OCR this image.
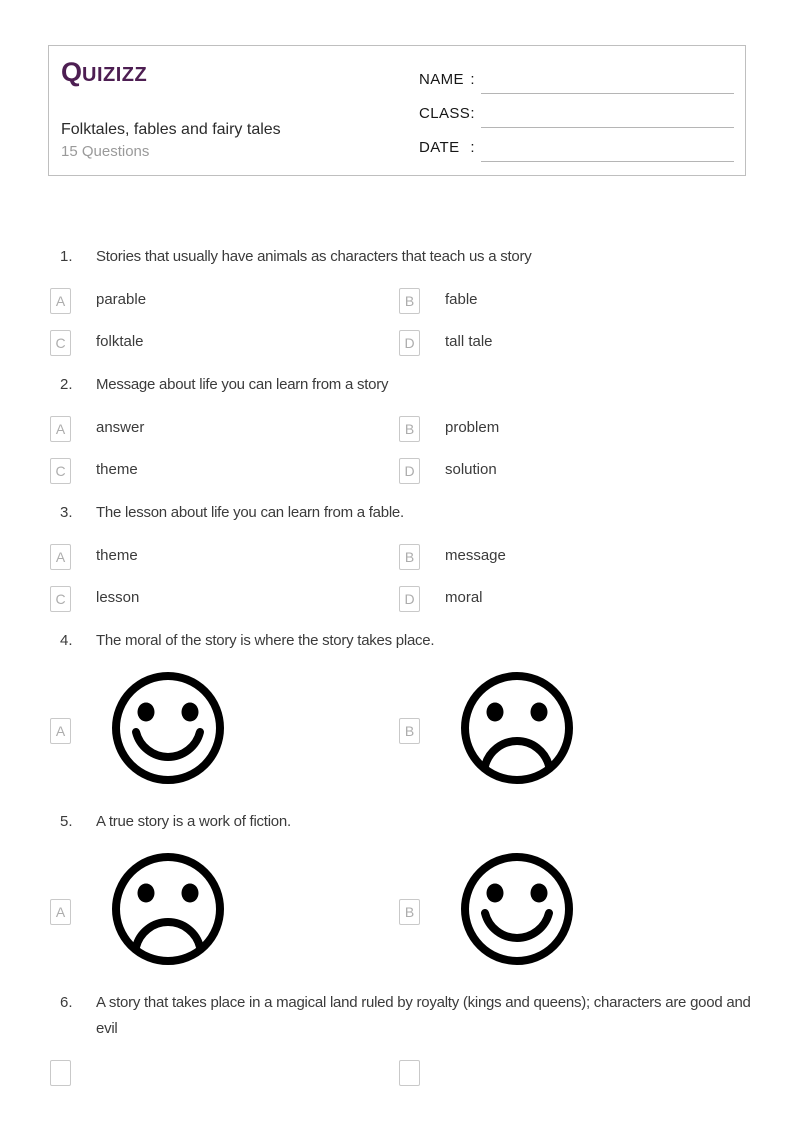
QUIZIZZ
Folktales, fables and fairy tales
15 Questions
NAME :
CLASS :
DATE :
1. Stories that usually have animals as characters that teach us a story
A	parable	B	fable
C	folktale	D	tall tale
2. Message about life you can learn from a story
A	answer	B	problem
C	theme	D	solution
3. The lesson about life you can learn from a fable.
A	theme	B	message
C	lesson	D	moral
4. The moral of the story is where the story takes place.
A	B
5. A true story is a work of fiction.
A	B
6. A story that takes place in a magical land ruled by royalty (kings and queens); characters are good and evil
